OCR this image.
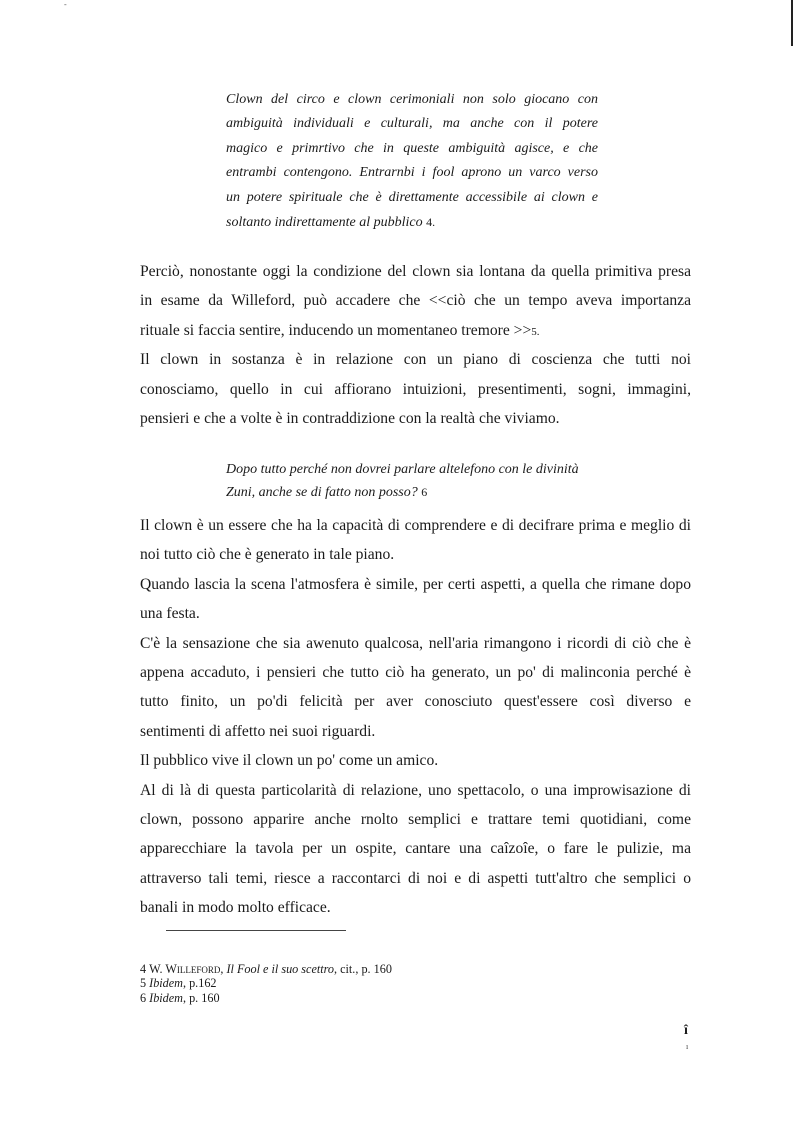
-
Clown del circo e clown cerimoniali non solo giocano con
ambiguità individuali e culturali, ma anche con il potere
magico e primrtivo che in queste ambiguità agisce, e che
entrambi contengono. Entrarnbi i fool aprono un varco verso
un potere spirituale che è direttamente accessibile ai clown e
soltanto indirettamente al pubblico 4.
Perciò, nonostante oggi la condizione del clown sia lontana da quella primitiva presa
in esame da Willeford, può accadere che <<ciò che un tempo aveva importanza
rituale si faccia sentire, inducendo un momentaneo tremore >>5.
Il clown in sostanza è in relazione con un piano di coscienza che tutti noi
conosciamo, quello in cui affiorano intuizioni, presentimenti, sogni, immagini,
pensieri e che a volte è in contraddizione con la realtà che viviamo.
Dopo tutto perché non dovrei parlare altelefono con le divinità
Zuni, anche se di fatto non posso? 6
Il clown è un essere che ha la capacità di comprendere e di decifrare prima e meglio di
noi tutto ciò che è generato in tale piano.
Quando lascia la scena l'atmosfera è simile, per certi aspetti, a quella che rimane dopo
una festa.
C'è la sensazione che sia awenuto qualcosa, nell'aria rimangono i ricordi di ciò che è
appena accaduto, i pensieri che tutto ciò ha generato, un po' di malinconia perché è
tutto finito, un po'di felicità per aver conosciuto quest'essere così diverso e
sentimenti di affetto nei suoi riguardi.
Il pubblico vive il clown un po' come un amico.
Al di là di questa particolarità di relazione, uno spettacolo, o una improwisazione di
clown, possono apparire anche rnolto semplici e trattare temi quotidiani, come
apparecchiare la tavola per un ospite, cantare una caîzoîe, o fare le pulizie, ma
attraverso tali temi, riesce a raccontarci di noi e di aspetti tutt'altro che semplici o
banali in modo molto efficace.
4 W. Willeford, Il Fool e il suo scettro, cit., p. 160
5 Ibidem, p.162
6 Ibidem, p. 160
î
ı
